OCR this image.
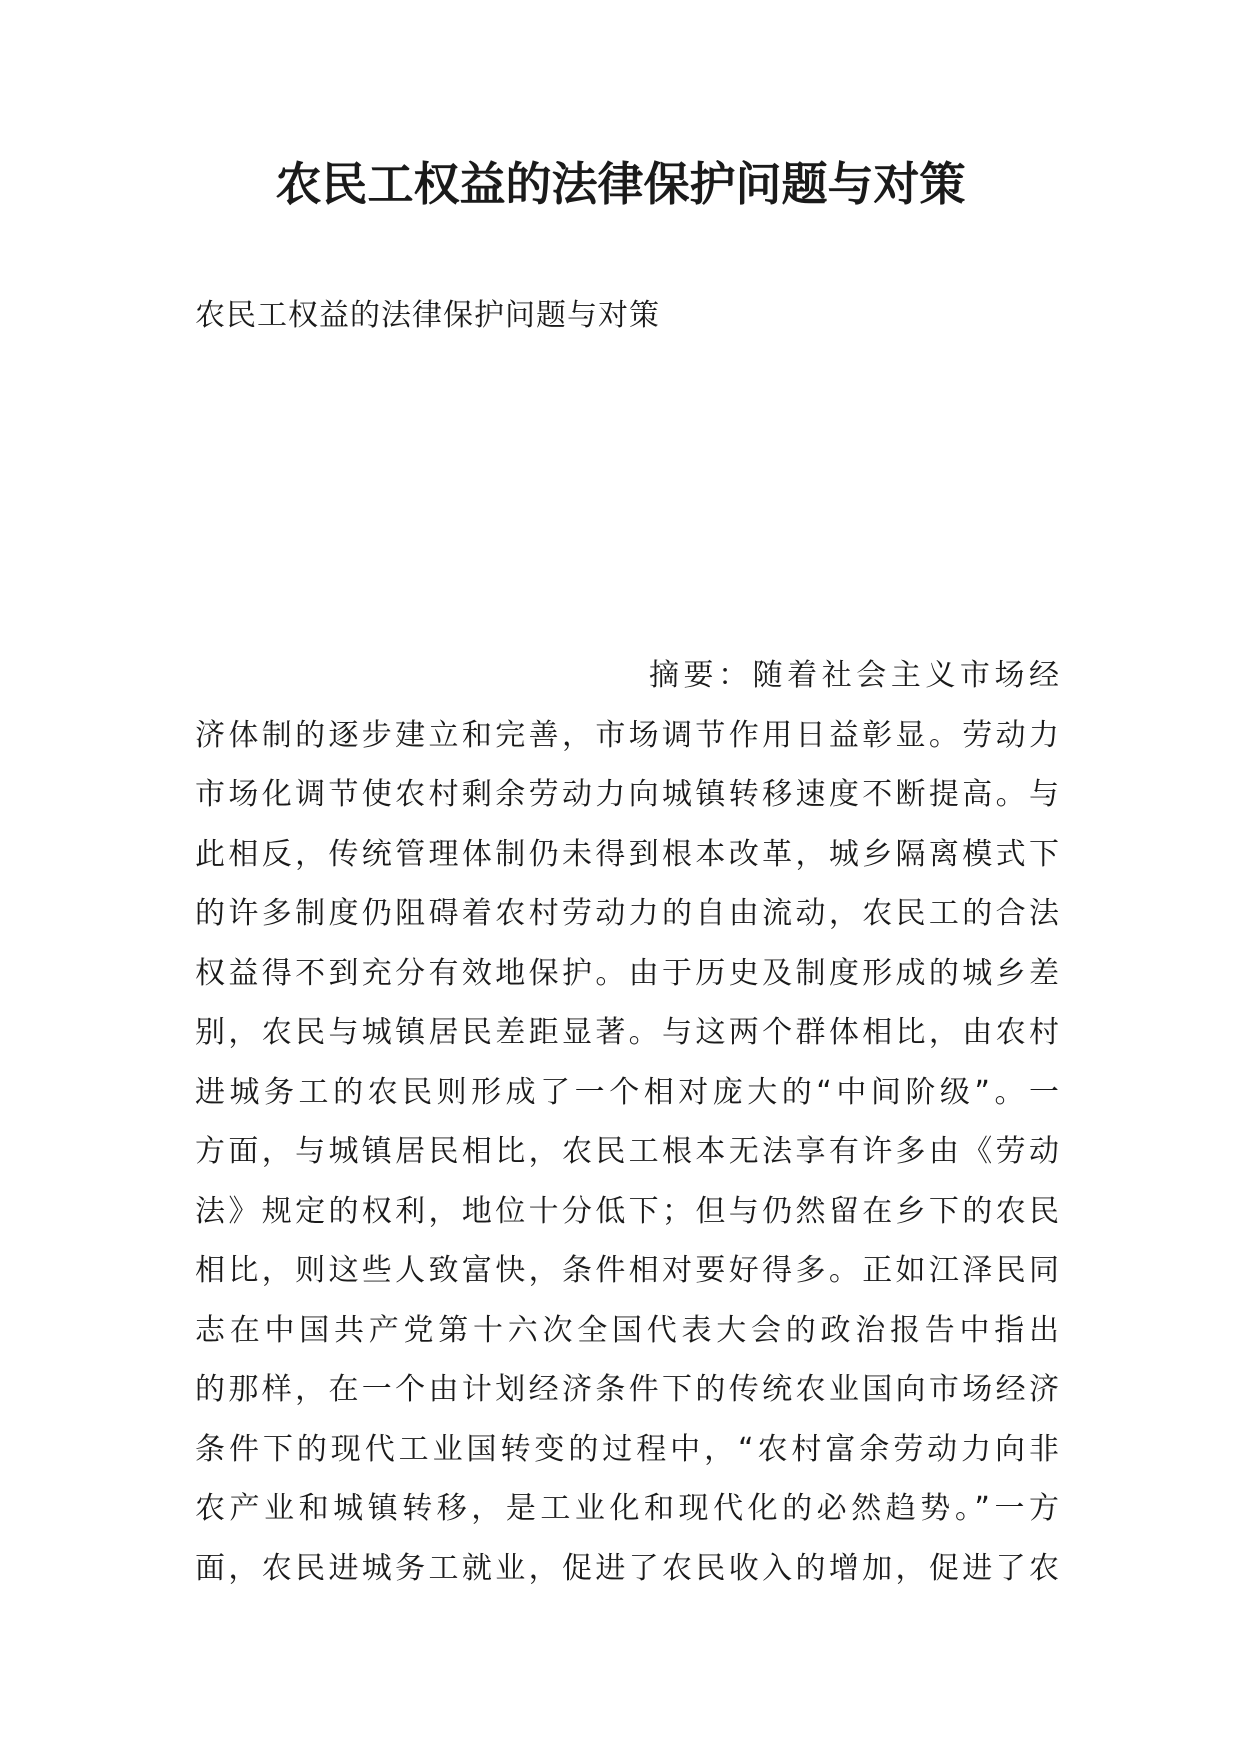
农民工权益的法律保护问题与对策

农民工权益的法律保护问题与对策

摘要：随着社会主义市场经
济体制的逐步建立和完善，市场调节作用日益彰显。劳动力
市场化调节使农村剩余劳动力向城镇转移速度不断提高。与
此相反，传统管理体制仍未得到根本改革，城乡隔离模式下
的许多制度仍阻碍着农村劳动力的自由流动，农民工的合法
权益得不到充分有效地保护。由于历史及制度形成的城乡差
别，农民与城镇居民差距显著。与这两个群体相比，由农村
进城务工的农民则形成了一个相对庞大的“中间阶级”。一
方面，与城镇居民相比，农民工根本无法享有许多由《劳动
法》规定的权利，地位十分低下；但与仍然留在乡下的农民
相比，则这些人致富快，条件相对要好得多。正如江泽民同
志在中国共产党第十六次全国代表大会的政治报告中指出
的那样，在一个由计划经济条件下的传统农业国向市场经济
条件下的现代工业国转变的过程中，“农村富余劳动力向非
农产业和城镇转移，是工业化和现代化的必然趋势。”一方
面，农民进城务工就业，促进了农民收入的增加，促进了农
